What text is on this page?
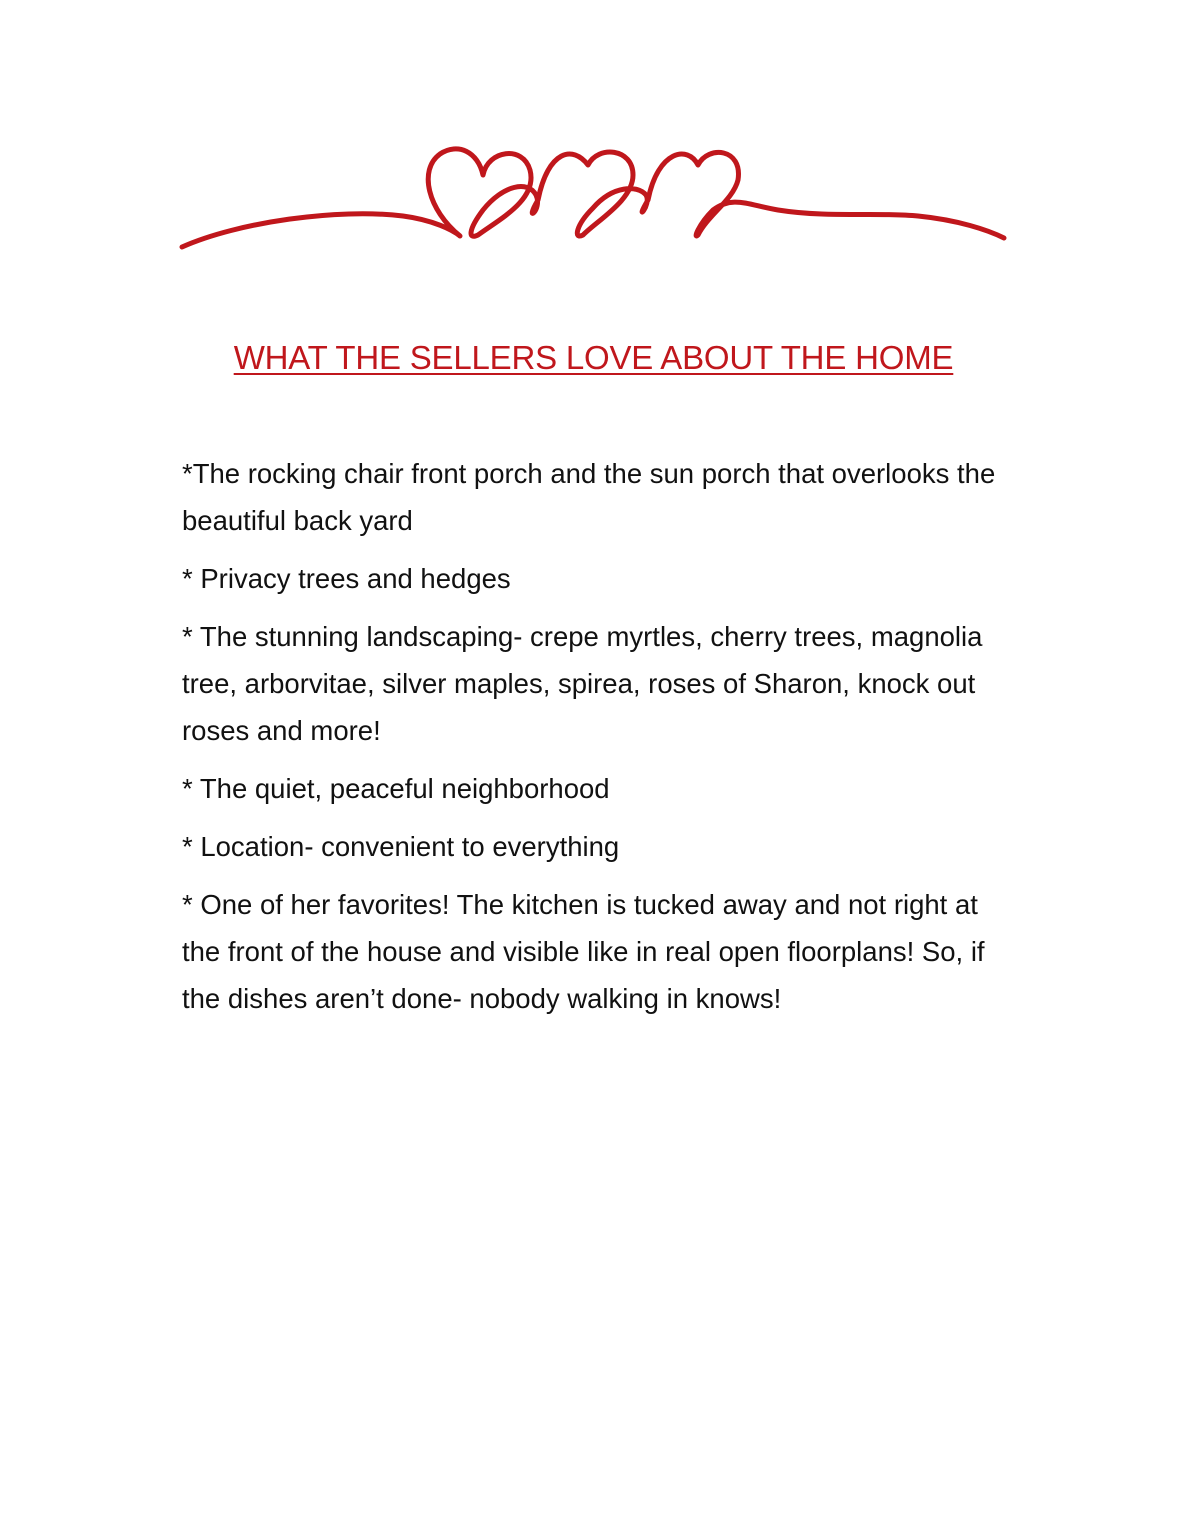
WHAT THE SELLERS LOVE ABOUT THE HOME
*The rocking chair front porch and the sun porch that overlooks the beautiful back yard
* Privacy trees and hedges
* The stunning landscaping- crepe myrtles, cherry trees, magnolia tree, arborvitae, silver maples, spirea, roses of Sharon, knock out roses and more!
* The quiet, peaceful neighborhood
* Location- convenient to everything
* One of her favorites! The kitchen is tucked away and not right at the front of the house and visible like in real open floorplans! So, if the dishes aren’t done- nobody walking in knows!
